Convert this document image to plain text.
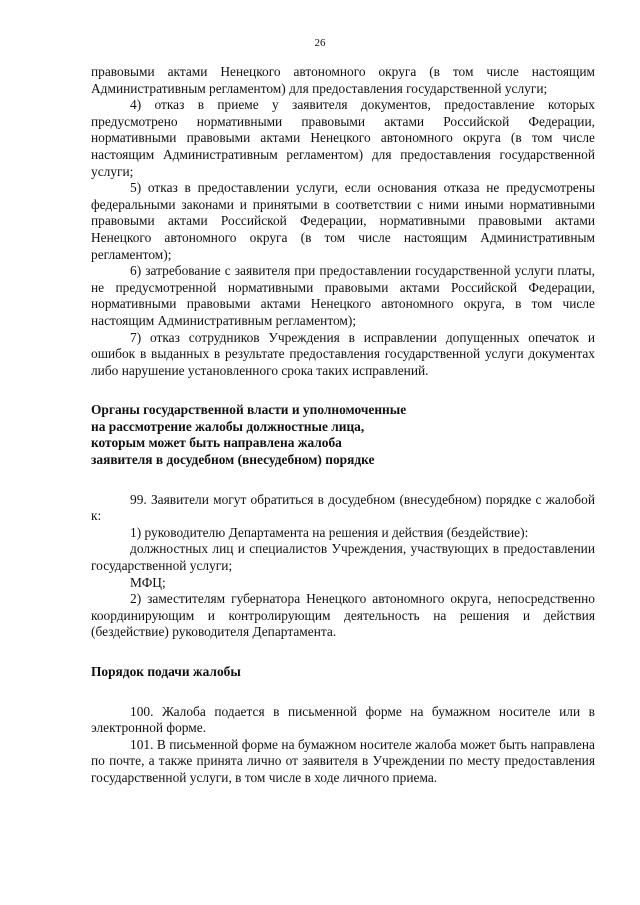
26

правовыми актами Ненецкого автономного округа (в том числе настоящим Административным регламентом) для предоставления государственной услуги;

4) отказ в приеме у заявителя документов, предоставление которых предусмотрено нормативными правовыми актами Российской Федерации, нормативными правовыми актами Ненецкого автономного округа (в том числе настоящим Административным регламентом) для предоставления государственной услуги;

5) отказ в предоставлении услуги, если основания отказа не предусмотрены федеральными законами и принятыми в соответствии с ними иными нормативными правовыми актами Российской Федерации, нормативными правовыми актами Ненецкого автономного округа (в том числе настоящим Административным регламентом);

6) затребование с заявителя при предоставлении государственной услуги платы, не предусмотренной нормативными правовыми актами Российской Федерации, нормативными правовыми актами Ненецкого автономного округа, в том числе настоящим Административным регламентом);

7) отказ сотрудников Учреждения в исправлении допущенных опечаток и ошибок в выданных в результате предоставления государственной услуги документах либо нарушение установленного срока таких исправлений.

Органы государственной власти и уполномоченные

на рассмотрение жалобы должностные лица,

которым может быть направлена жалоба

заявителя в досудебном (внесудебном) порядке

99. Заявители могут обратиться в досудебном (внесудебном) порядке с жалобой к:

1) руководителю Департамента на решения и действия (бездействие):

должностных лиц и специалистов Учреждения, участвующих в предоставлении государственной услуги;

МФЦ;

2) заместителям губернатора Ненецкого автономного округа, непосредственно координирующим и контролирующим деятельность на решения и действия (бездействие) руководителя Департамента.

Порядок подачи жалобы

100. Жалоба подается в письменной форме на бумажном носителе или в электронной форме.

101. В письменной форме на бумажном носителе жалоба может быть направлена по почте, а также принята лично от заявителя в Учреждении по месту предоставления государственной услуги, в том числе в ходе личного приема.
